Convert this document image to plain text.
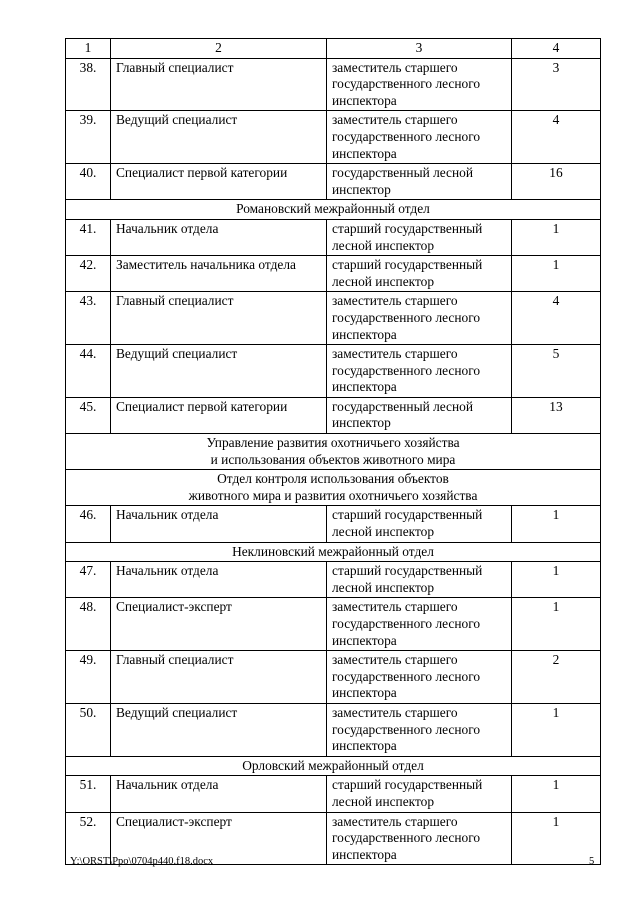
1	2	3	4
38.	Главный специалист	заместитель старшего государственного лесного инспектора	3
39.	Ведущий специалист	заместитель старшего государственного лесного инспектора	4
40.	Специалист первой категории	государственный лесной инспектор	16

Романовский межрайонный отдел			

41.	Начальник отдела	старший государственный лесной инспектор	1
42.	Заместитель начальника отдела	старший государственный лесной инспектор	1
43.	Главный специалист	заместитель старшего государственного лесного инспектора	4
44.	Ведущий специалист	заместитель старшего государственного лесного инспектора	5
45.	Специалист первой категории	государственный лесной инспектор	13

Управление развития охотничьего хозяйства
и использования объектов животного мира			

Отдел контроля использования объектов
животного мира и развития охотничьего хозяйства			

46.	Начальник отдела	старший государственный лесной инспектор	1

Неклиновский межрайонный отдел			

47.	Начальник отдела	старший государственный лесной инспектор	1
48.	Специалист-эксперт	заместитель старшего государственного лесного инспектора	1
49.	Главный специалист	заместитель старшего государственного лесного инспектора	2
50.	Ведущий специалист	заместитель старшего государственного лесного инспектора	1

Орловский межрайонный отдел			

51.	Начальник отдела	старший государственный лесной инспектор	1
52.	Специалист-эксперт	заместитель старшего государственного лесного инспектора	1
Y:\ORST\Ppo\0704p440.f18.docx	5
